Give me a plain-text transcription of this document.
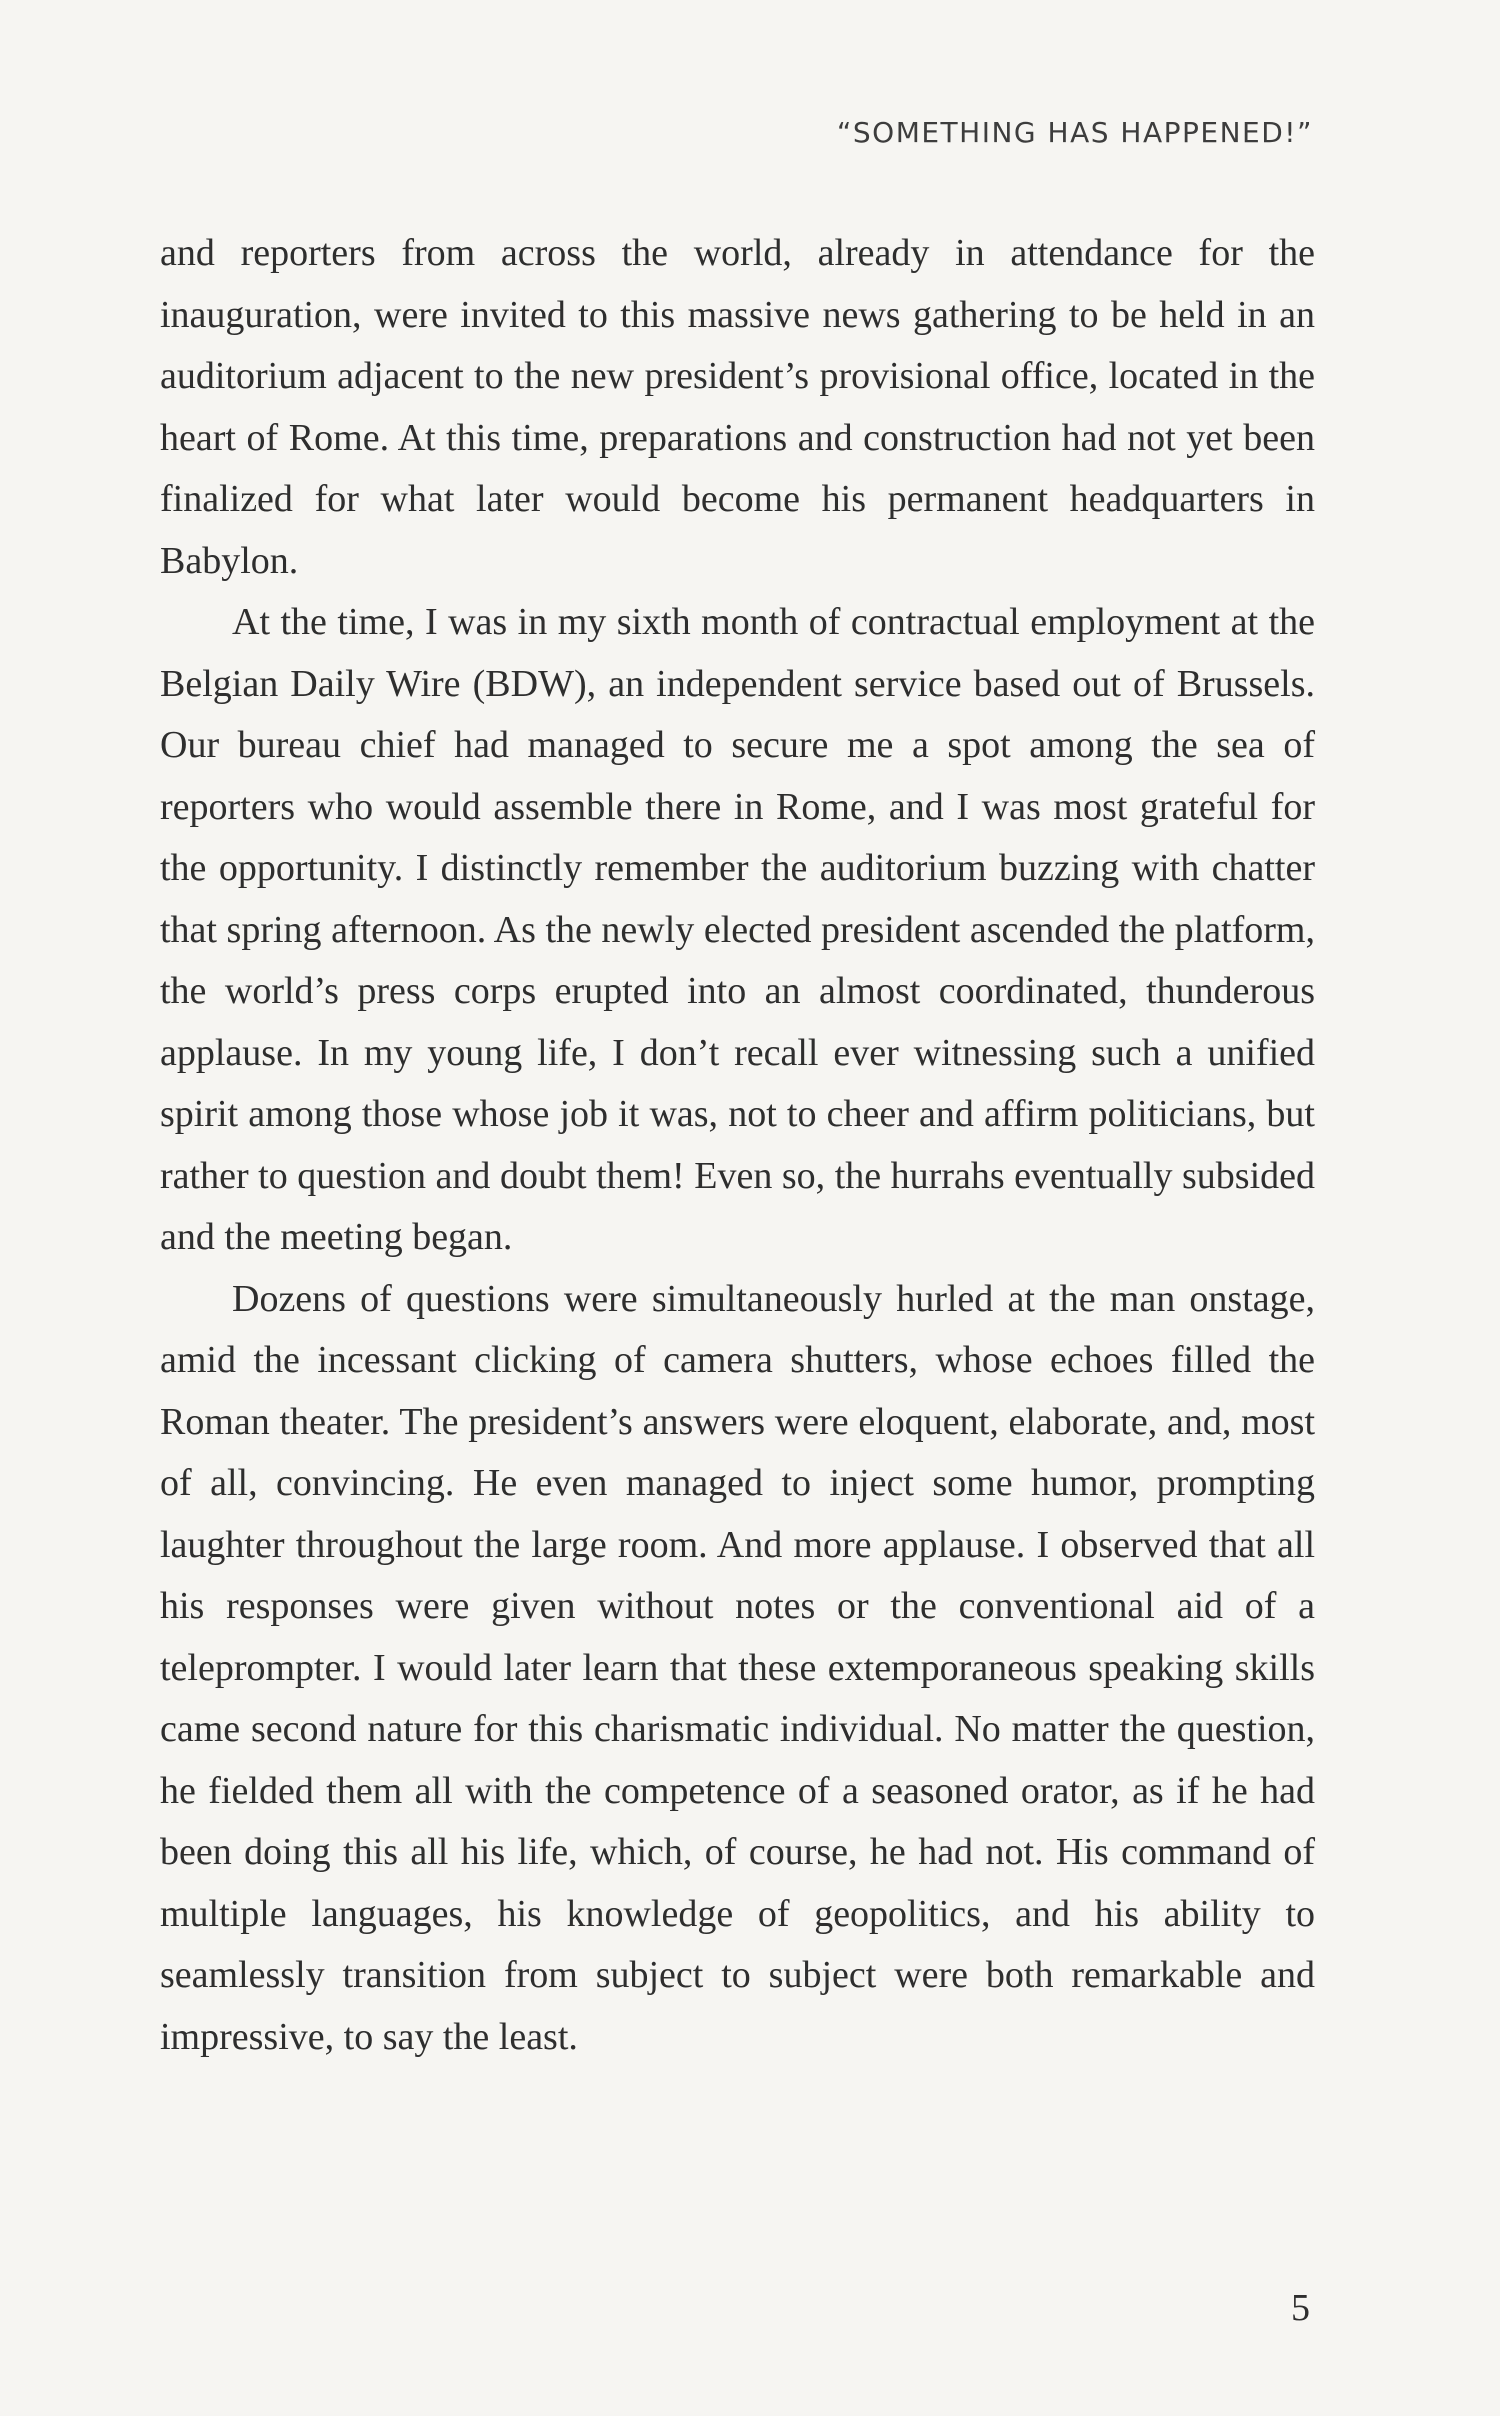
“SOMETHING HAS HAPPENED!”

and reporters from across the world, already in attendance for the inauguration, were invited to this massive news gathering to be held in an auditorium adjacent to the new president’s provisional office, located in the heart of Rome. At this time, preparations and construction had not yet been finalized for what later would become his permanent headquarters in Babylon.

At the time, I was in my sixth month of contractual employment at the Belgian Daily Wire (BDW), an independent service based out of Brussels. Our bureau chief had managed to secure me a spot among the sea of reporters who would assemble there in Rome, and I was most grateful for the opportunity. I distinctly remember the auditorium buzzing with chatter that spring afternoon. As the newly elected president ascended the platform, the world’s press corps erupted into an almost coordinated, thunderous applause. In my young life, I don’t recall ever witnessing such a unified spirit among those whose job it was, not to cheer and affirm politicians, but rather to question and doubt them! Even so, the hurrahs eventually subsided and the meeting began.

Dozens of questions were simultaneously hurled at the man onstage, amid the incessant clicking of camera shutters, whose echoes filled the Roman theater. The president’s answers were eloquent, elaborate, and, most of all, convincing. He even managed to inject some humor, prompting laughter throughout the large room. And more applause. I observed that all his responses were given without notes or the conventional aid of a teleprompter. I would later learn that these extemporaneous speaking skills came second nature for this charismatic individual. No matter the question, he fielded them all with the competence of a seasoned orator, as if he had been doing this all his life, which, of course, he had not. His command of multiple languages, his knowledge of geopolitics, and his ability to seamlessly transition from subject to subject were both remarkable and impressive, to say the least.

5
